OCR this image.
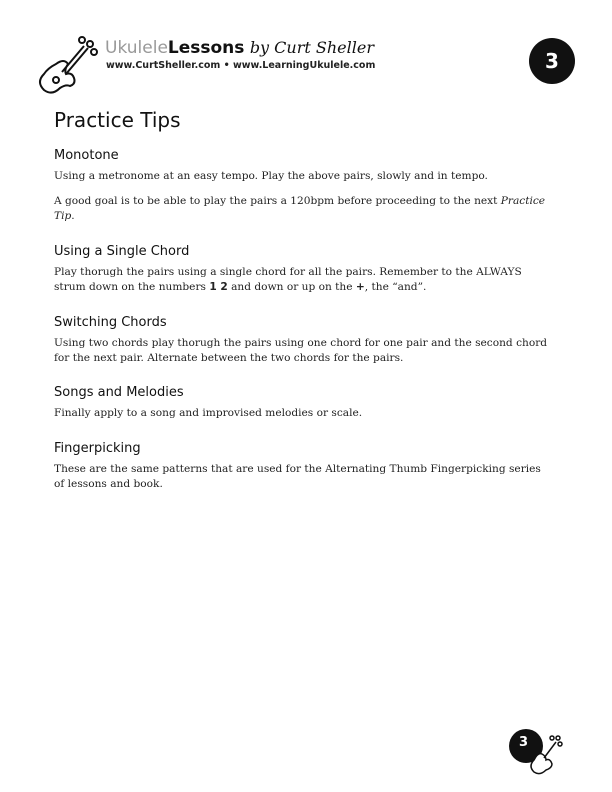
UkuleleLessons by Curt Sheller
www.CurtSheller.com • www.LearningUkulele.com	3
Practice Tips
Monotone

Using a metronome at an easy tempo. Play the above pairs, slowly and in tempo.

A good goal is to be able to play the pairs a 120bpm before proceeding to the next Practice
Tip.

Using a Single Chord

Play thorugh the pairs using a single chord for all the pairs. Remember to the ALWAYS
strum down on the numbers 1 2 and down or up on the +, the “and”.

Switching Chords

Using two chords play thorugh the pairs using one chord for one pair and the second chord
for the next pair. Alternate between the two chords for the pairs.

Songs and Melodies

Finally apply to a song and improvised melodies or scale.

Fingerpicking

These are the same patterns that are used for the Alternating Thumb Fingerpicking series
of lessons and book.

3
